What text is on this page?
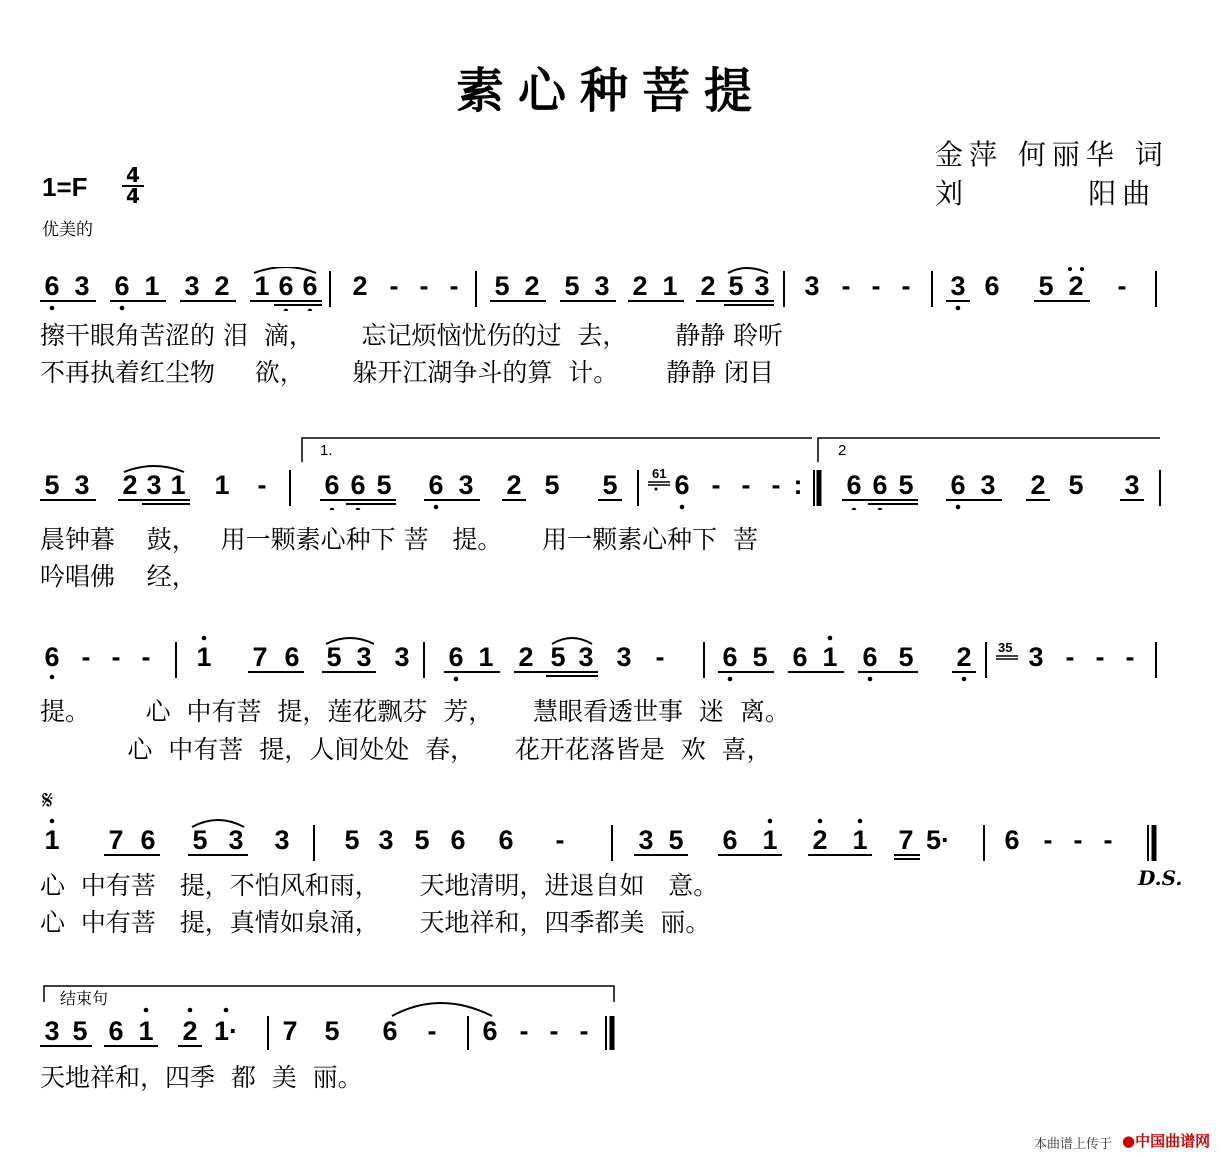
素心种菩提
金萍 何丽华 词
刘        阳曲
1=F 4
4
优美的
6 3 6 1 3 2 1 6 6 2 - - - 5 2 5 3 2 1 2 5 3 3 - - - 3 6 5 2 -
擦干眼角苦涩的 泪  滴，      忘记烦恼忧伤的过  去，      静静 聆听
不再执着红尘物     欲，      躲开江湖争斗的算  计。      静静 闭目
1.	2
61
5 3 2 3 1 1 - 6 6 5 6 3 2 5 5 6 - - - : 6 6 5 6 3 2 5 3
晨钟暮    鼓，   用一颗素心种下 菩   提。     用一颗素心种下  菩
吟唱佛    经，
6 - - - 1 7 6 5 3 3 6 1 2 5 3 3 - 6 5 6 1 6 5 2 3 - - -
35
提。       心  中有菩  提，莲花飘芬  芳，     慧眼看透世事  迷  离。
心  中有菩  提，人间处处  春，     花开花落皆是  欢  喜，
𝄋
1 7 6 5 3 3 5 3 5 6 6 -	3 5 6 1 2 1 7 5· 6 - - -
D.S.
心  中有菩   提，不怕风和雨，     天地清明，进退自如   意。
心  中有菩   提，真情如泉涌，     天地祥和，四季都美  丽。
结束句
3 5 6 1 2 1· 7 5 6 - 6 - - -
天地祥和，四季  都  美  丽。
本曲谱上传于 ●中国曲谱网
